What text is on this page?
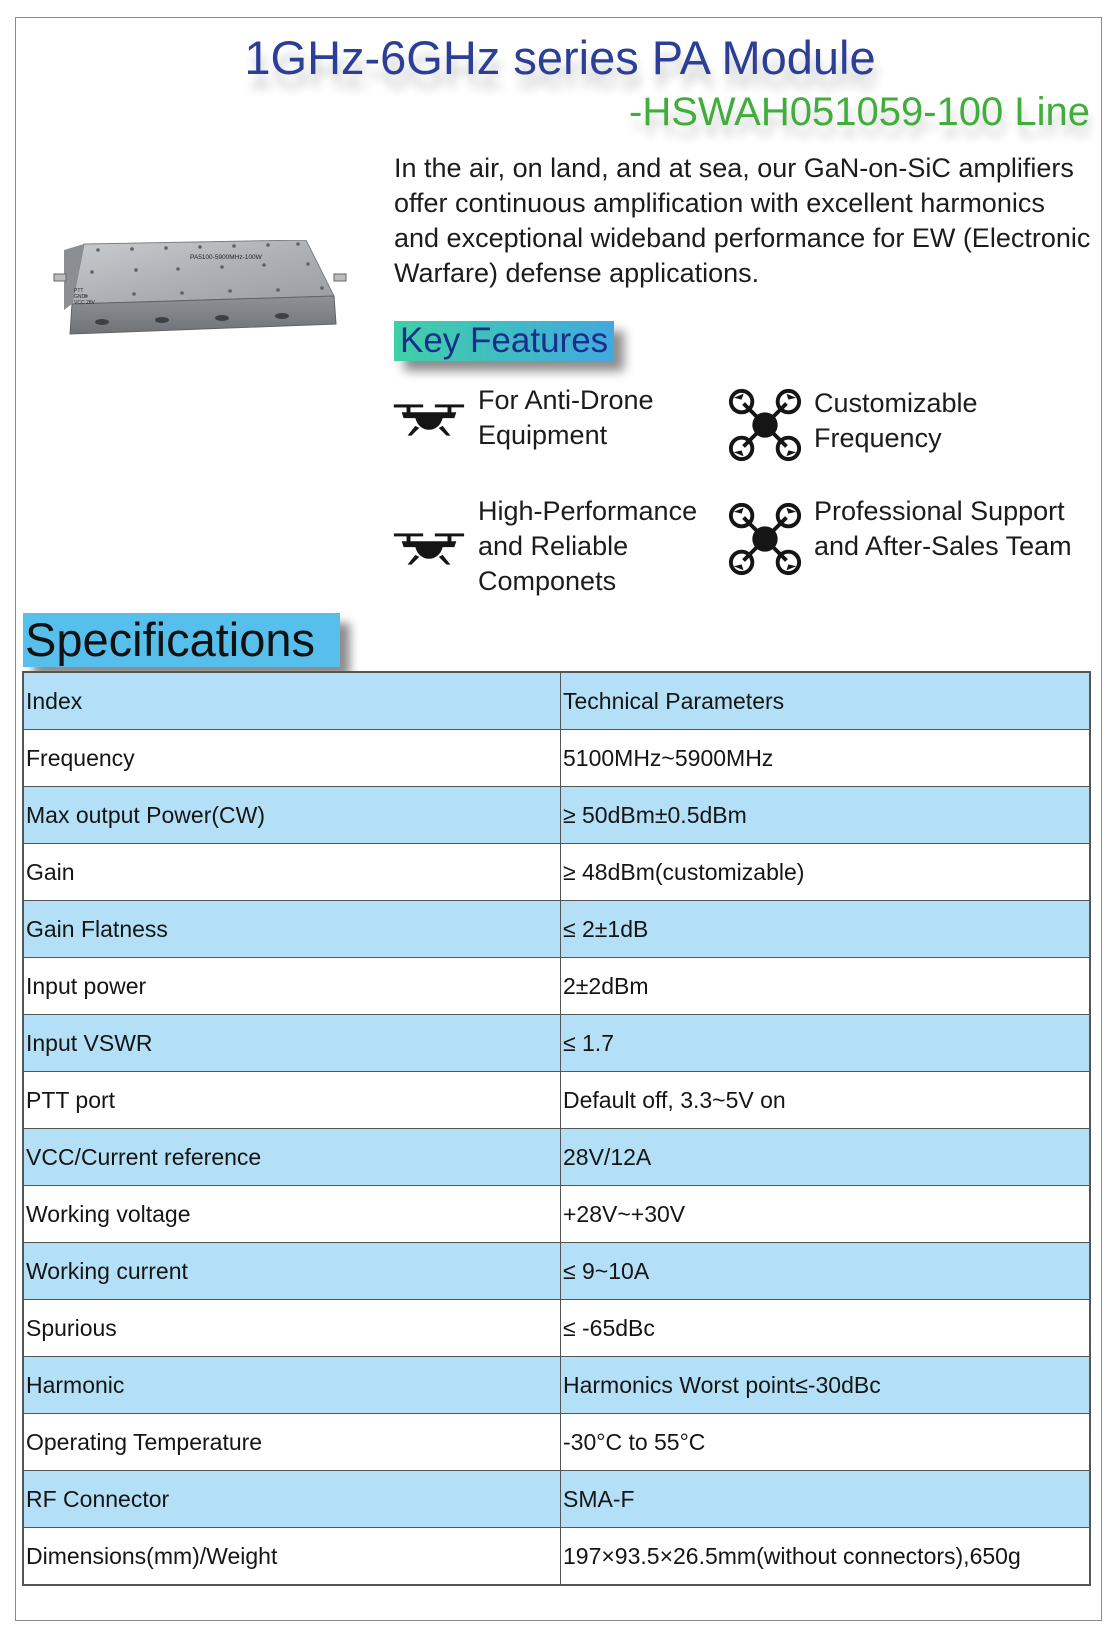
1GHz-6GHz series PA Module
-HSWAH051059-100 Line

In the air, on land, and at sea, our GaN-on-SiC amplifiers offer continuous amplification with excellent harmonics and exceptional wideband performance for EW (Electronic Warfare) defense applications.

PA5100-5900MHz-100W
PTT
GND
VCC 28V
Key Features
For Anti-Drone Equipment
Customizable Frequency
High-Performance and Reliable Componets
Professional Support and After-Sales Team
Specifications
Index	Technical Parameters
Frequency	5100MHz~5900MHz
Max output Power(CW)	≥ 50dBm±0.5dBm
Gain	≥ 48dBm(customizable)
Gain Flatness	≤ 2±1dB
Input power	2±2dBm
Input VSWR	≤ 1.7
PTT port	Default off, 3.3~5V on
VCC/Current reference	28V/12A
Working voltage	+28V~+30V
Working current	≤ 9~10A
Spurious	≤ -65dBc
Harmonic	Harmonics Worst point≤-30dBc
Operating Temperature	-30°C to 55°C
RF Connector	SMA-F
Dimensions(mm)/Weight	197×93.5×26.5mm(without connectors),650g
